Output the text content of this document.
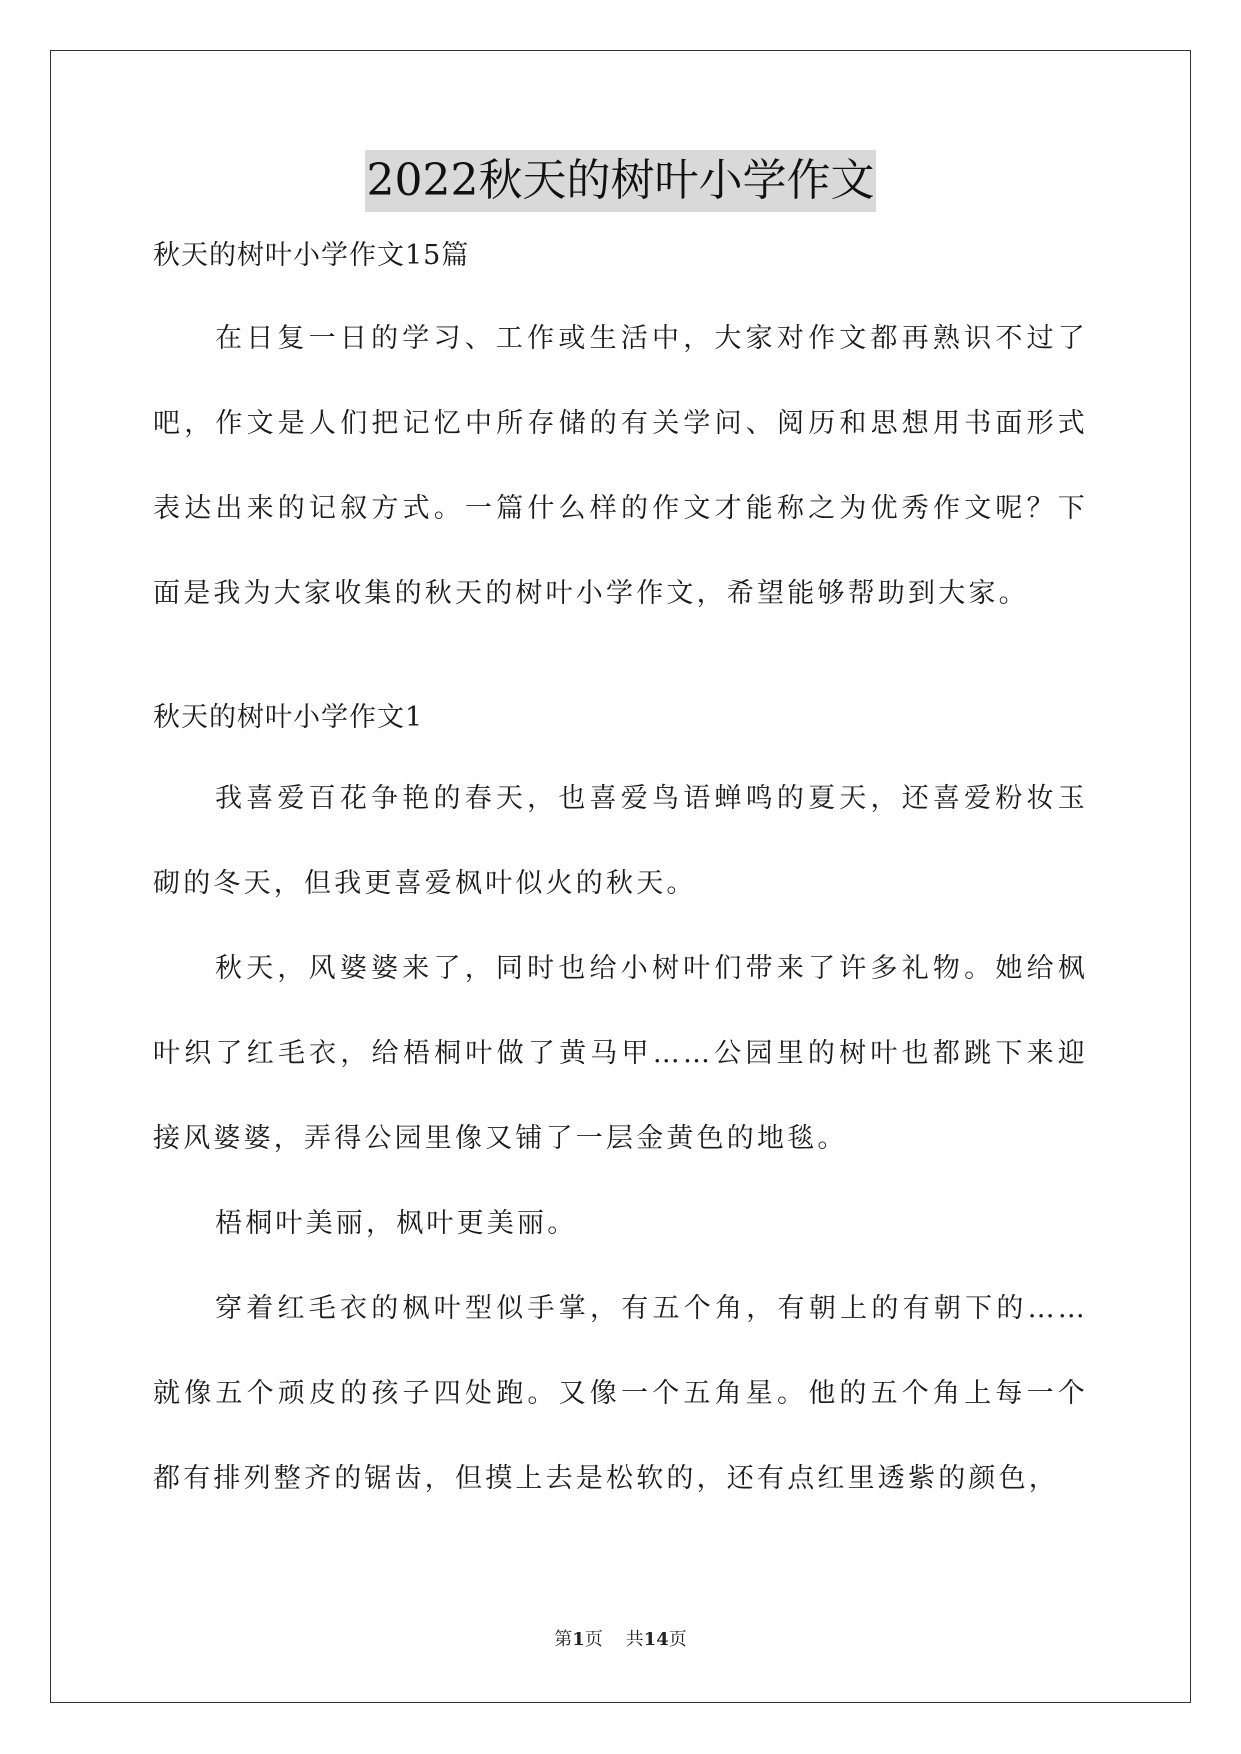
2022秋天的树叶小学作文

秋天的树叶小学作文15篇

在日复一日的学习、工作或生活中，大家对作文都再熟识不过了吧，作文是人们把记忆中所存储的有关学问、阅历和思想用书面形式表达出来的记叙方式。一篇什么样的作文才能称之为优秀作文呢？下面是我为大家收集的秋天的树叶小学作文，希望能够帮助到大家。

秋天的树叶小学作文1

我喜爱百花争艳的春天，也喜爱鸟语蝉鸣的夏天，还喜爱粉妆玉砌的冬天，但我更喜爱枫叶似火的秋天。

秋天，风婆婆来了，同时也给小树叶们带来了许多礼物。她给枫叶织了红毛衣，给梧桐叶做了黄马甲……公园里的树叶也都跳下来迎接风婆婆，弄得公园里像又铺了一层金黄色的地毯。

梧桐叶美丽，枫叶更美丽。

穿着红毛衣的枫叶型似手掌，有五个角，有朝上的有朝下的……就像五个顽皮的孩子四处跑。又像一个五角星。他的五个角上每一个都有排列整齐的锯齿，但摸上去是松软的，还有点红里透紫的颜色，

第1页 共14页
